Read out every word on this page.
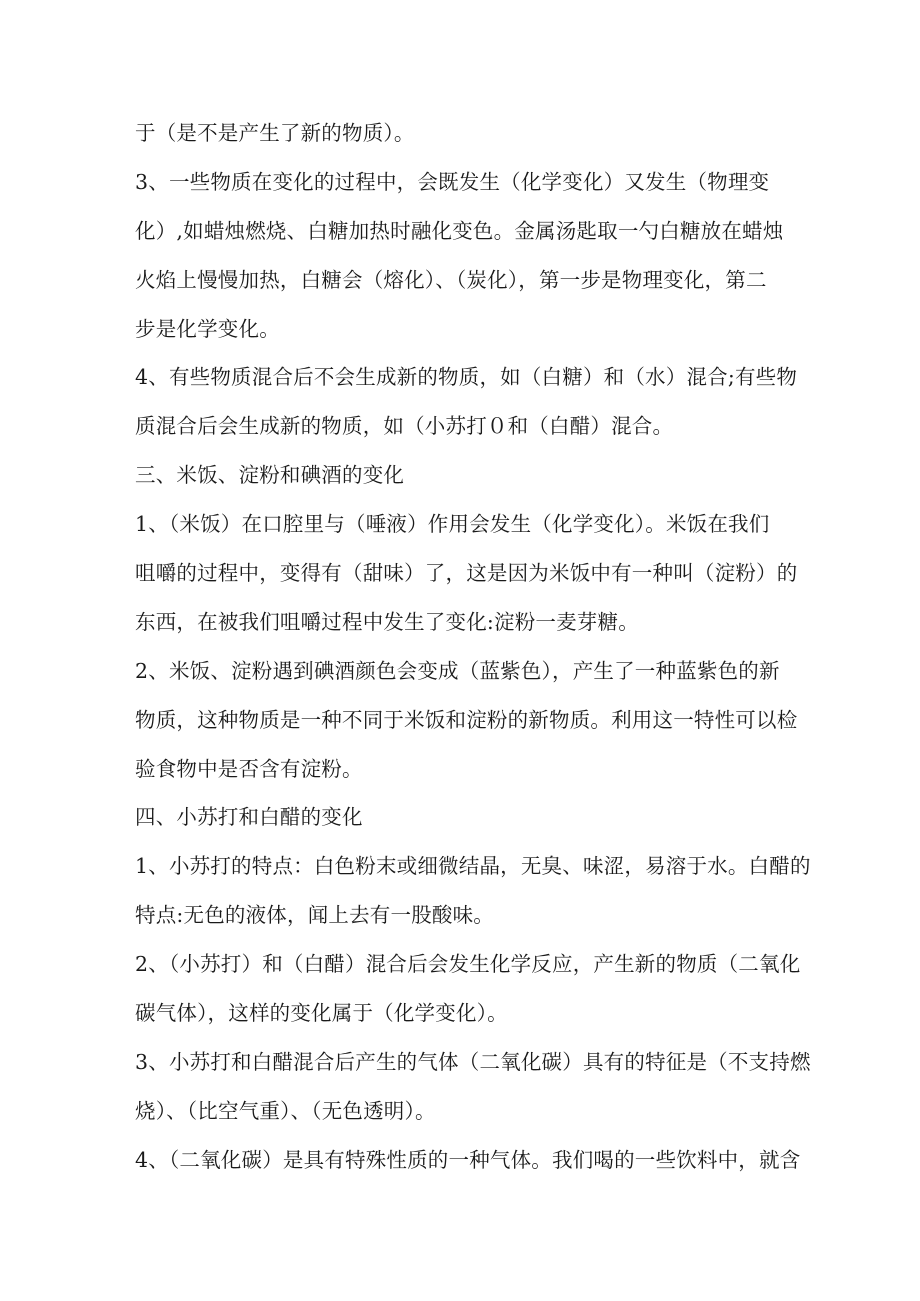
于（是不是产生了新的物质）。
3、一些物质在变化的过程中，会既发生（化学变化）又发生（物理变
化）,如蜡烛燃烧、白糖加热时融化变色。金属汤匙取一勺白糖放在蜡烛
火焰上慢慢加热，白糖会（熔化）、（炭化），第一步是物理变化，第二
步是化学变化。
4、有些物质混合后不会生成新的物质，如（白糖）和（水）混合;有些物
质混合后会生成新的物质，如（小苏打０和（白醋）混合。
三、米饭、淀粉和碘酒的变化
1、（米饭）在口腔里与（唾液）作用会发生（化学变化）。米饭在我们
咀嚼的过程中，变得有（甜味）了，这是因为米饭中有一种叫（淀粉）的
东西，在被我们咀嚼过程中发生了变化:淀粉一麦芽糖。
2、米饭、淀粉遇到碘酒颜色会变成（蓝紫色），产生了一种蓝紫色的新
物质，这种物质是一种不同于米饭和淀粉的新物质。利用这一特性可以检
验食物中是否含有淀粉。
四、小苏打和白醋的变化
1、小苏打的特点：白色粉末或细微结晶，无臭、味涩，易溶于水。白醋的
特点:无色的液体，闻上去有一股酸味。
2、（小苏打）和（白醋）混合后会发生化学反应，产生新的物质（二氧化
碳气体），这样的变化属于（化学变化）。
3、小苏打和白醋混合后产生的气体（二氧化碳）具有的特征是（不支持燃
烧）、（比空气重）、（无色透明）。
4、（二氧化碳）是具有特殊性质的一种气体。我们喝的一些饮料中，就含
